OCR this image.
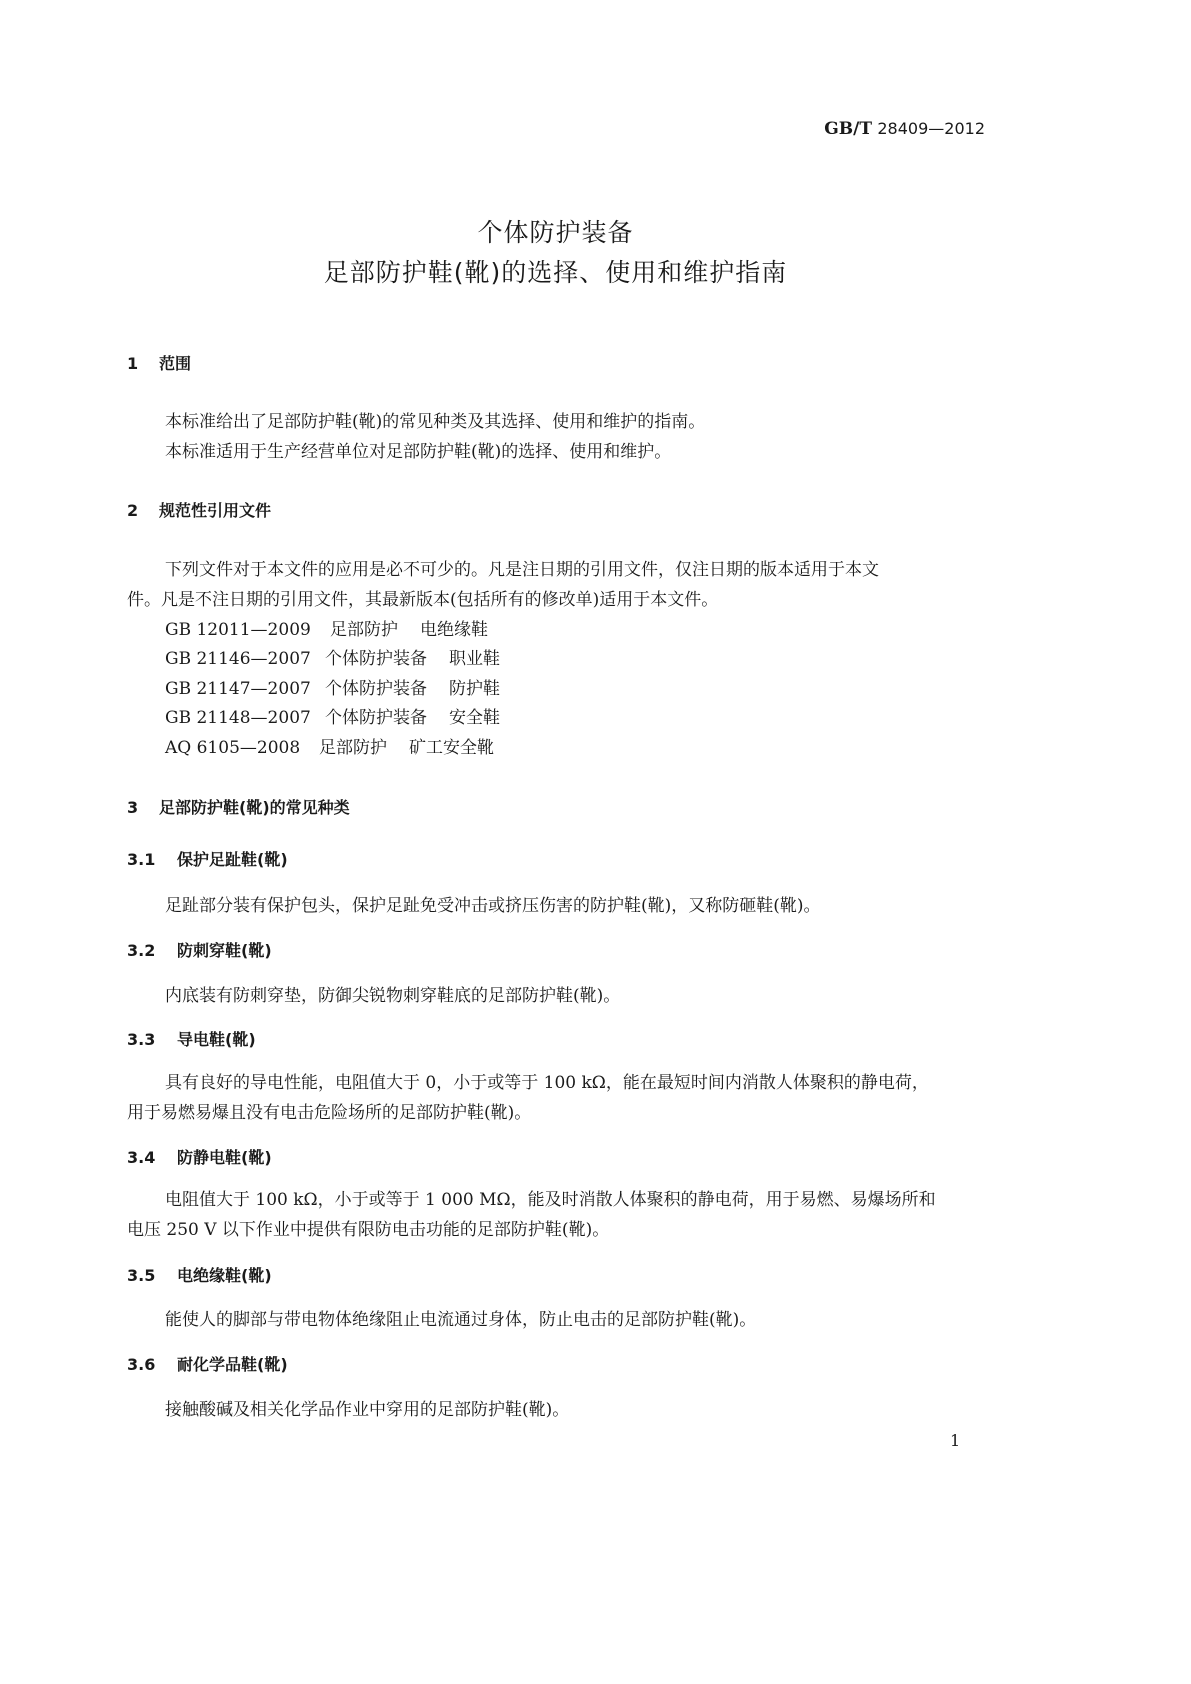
GB/T 28409—2012
个体防护装备
足部防护鞋(靴)的选择、使用和维护指南
1 范围
本标准给出了足部防护鞋(靴)的常见种类及其选择、使用和维护的指南。
本标准适用于生产经营单位对足部防护鞋(靴)的选择、使用和维护。
2 规范性引用文件
下列文件对于本文件的应用是必不可少的。凡是注日期的引用文件，仅注日期的版本适用于本文
件。凡是不注日期的引用文件，其最新版本(包括所有的修改单)适用于本文件。
GB 12011—2009 足部防护 电绝缘鞋
GB 21146—2007 个体防护装备 职业鞋
GB 21147—2007 个体防护装备 防护鞋
GB 21148—2007 个体防护装备 安全鞋
AQ 6105—2008 足部防护 矿工安全靴
3 足部防护鞋(靴)的常见种类
3.1 保护足趾鞋(靴)
足趾部分装有保护包头，保护足趾免受冲击或挤压伤害的防护鞋(靴)，又称防砸鞋(靴)。
3.2 防刺穿鞋(靴)
内底装有防刺穿垫，防御尖锐物刺穿鞋底的足部防护鞋(靴)。
3.3 导电鞋(靴)
具有良好的导电性能，电阻值大于 0，小于或等于 100 kΩ，能在最短时间内消散人体聚积的静电荷，
用于易燃易爆且没有电击危险场所的足部防护鞋(靴)。
3.4 防静电鞋(靴)
电阻值大于 100 kΩ，小于或等于 1 000 MΩ，能及时消散人体聚积的静电荷，用于易燃、易爆场所和
电压 250 V 以下作业中提供有限防电击功能的足部防护鞋(靴)。
3.5 电绝缘鞋(靴)
能使人的脚部与带电物体绝缘阻止电流通过身体，防止电击的足部防护鞋(靴)。
3.6 耐化学品鞋(靴)
接触酸碱及相关化学品作业中穿用的足部防护鞋(靴)。
1
